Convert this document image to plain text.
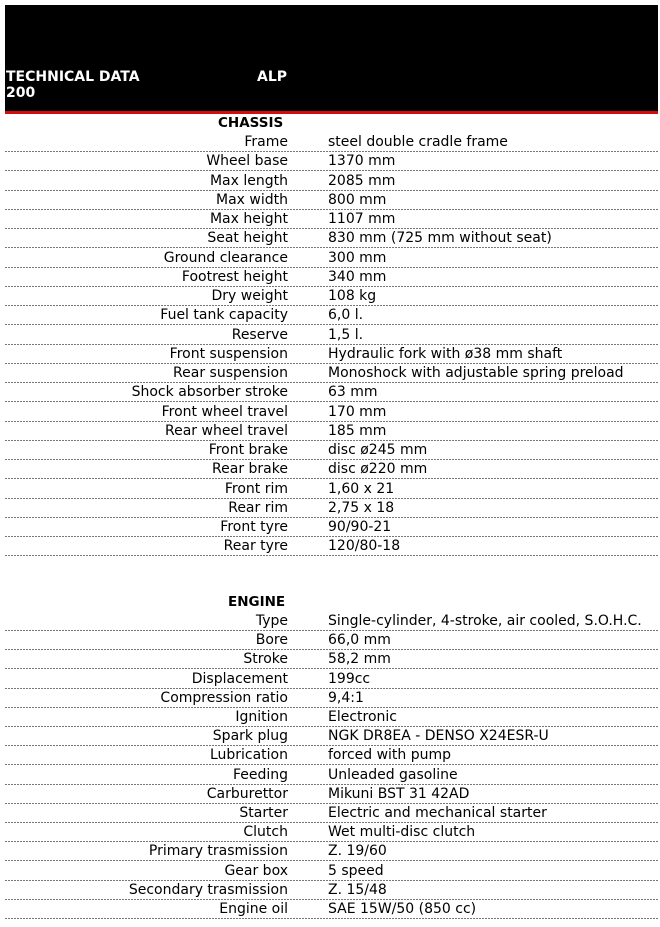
TECHNICAL DATA 200
ALP
CHASSIS
Frame	steel double cradle frame
Wheel base	1370 mm
Max length	2085 mm
Max width	800 mm
Max height	1107 mm
Seat height	830 mm (725 mm without seat)
Ground clearance	300 mm
Footrest height	340 mm
Dry weight	108 kg
Fuel tank capacity	6,0 l.
Reserve	1,5 l.
Front suspension	Hydraulic fork with ø38 mm shaft
Rear suspension	Monoshock with adjustable spring preload
Shock absorber stroke	63 mm
Front wheel travel	170 mm
Rear wheel travel	185 mm
Front brake	disc ø245 mm
Rear brake	disc ø220 mm
Front rim	1,60 x 21
Rear rim	2,75 x 18
Front tyre	90/90-21
Rear tyre	120/80-18
ENGINE
Type	Single-cylinder, 4-stroke, air cooled, S.O.H.C.
Bore	66,0 mm
Stroke	58,2 mm
Displacement	199cc
Compression ratio	9,4:1
Ignition	Electronic
Spark plug	NGK DR8EA - DENSO X24ESR-U
Lubrication	forced with pump
Feeding	Unleaded gasoline
Carburettor	Mikuni BST 31 42AD
Starter	Electric and mechanical starter
Clutch	Wet multi-disc clutch
Primary trasmission	Z. 19/60
Gear box	5 speed
Secondary trasmission	Z. 15/48
Engine oil	SAE 15W/50 (850 cc)
